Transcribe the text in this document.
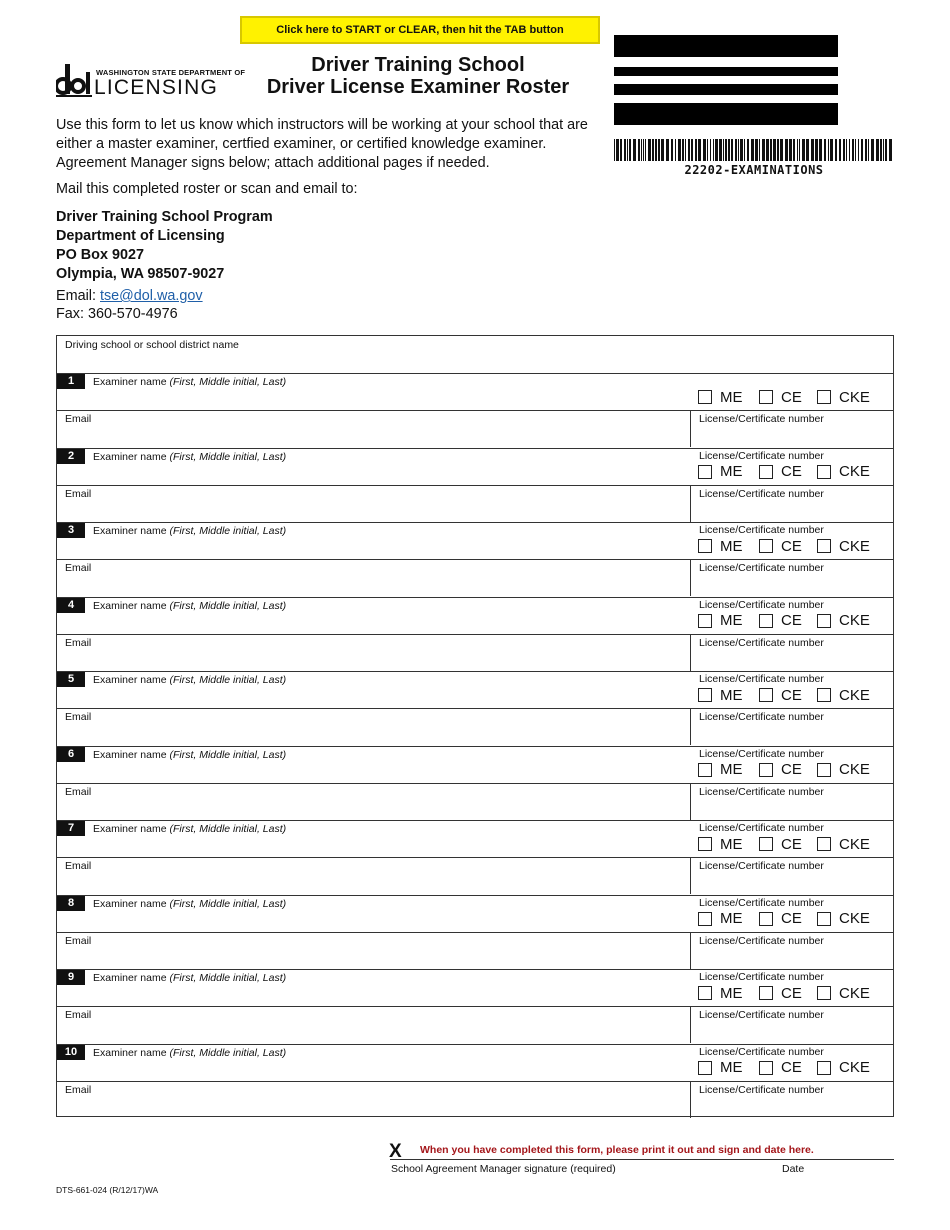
Click here to START or CLEAR, then hit the TAB button
WASHINGTON STATE DEPARTMENT OF
LICENSING
Driver Training School
Driver License Examiner Roster
22202-EXAMINATIONS
Use this form to let us know which instructors will be working at your school that are either a master examiner, certfied examiner, or certified knowledge examiner. Agreement Manager signs below; attach additional pages if needed.
Mail this completed roster or scan and email to:
Driver Training School Program
Department of Licensing
PO Box 9027
Olympia, WA 98507-9027
Email: tse@dol.wa.gov
Fax: 360-570-4976
Driving school or school district name
1	Examiner name (First, Middle initial, Last)
ME	CE CKE
Email	License/Certificate number
2	Examiner name (First, Middle initial, Last)	License/Certificate number
ME	CE CKE
Email	License/Certificate number
3	Examiner name (First, Middle initial, Last)	License/Certificate number
ME	CE CKE
Email	License/Certificate number
4	Examiner name (First, Middle initial, Last)	License/Certificate number
ME	CE CKE
Email	License/Certificate number
5	Examiner name (First, Middle initial, Last)	License/Certificate number
ME	CE CKE
Email	License/Certificate number
6	Examiner name (First, Middle initial, Last)	License/Certificate number
ME	CE CKE
Email	License/Certificate number
7	Examiner name (First, Middle initial, Last)	License/Certificate number
ME	CE CKE
Email	License/Certificate number
8	Examiner name (First, Middle initial, Last)	License/Certificate number
ME	CE CKE
Email	License/Certificate number
9	Examiner name (First, Middle initial, Last)	License/Certificate number
ME	CE CKE
Email	License/Certificate number
10	Examiner name (First, Middle initial, Last)	License/Certificate number
ME	CE CKE
Email	License/Certificate number
X When you have completed this form, please print it out and sign and date here.
School Agreement Manager signature (required)	Date
DTS-661-024 (R/12/17)WA
